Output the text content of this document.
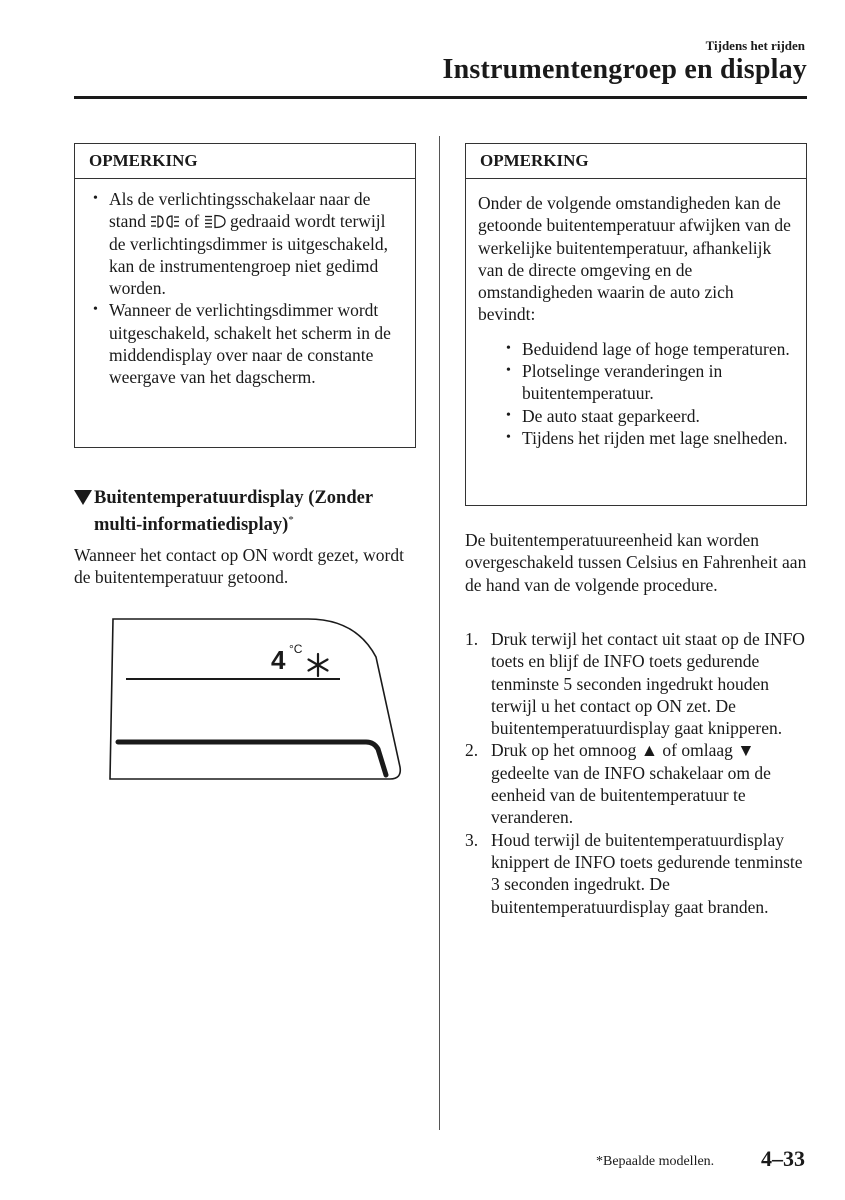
Tijdens het rijden
Instrumentengroep en display
OPMERKING
• Als de verlichtingsschakelaar naar de stand of gedraaid wordt terwijl de verlichtingsdimmer is uitgeschakeld, kan de instrumentengroep niet gedimd worden.
• Wanneer de verlichtingsdimmer wordt uitgeschakeld, schakelt het scherm in de middendisplay over naar de constante weergave van het dagscherm.
Buitentemperatuurdisplay (Zonder multi-informatiedisplay)*
Wanneer het contact op ON wordt gezet, wordt de buitentemperatuur getoond.
4 °C
OPMERKING
Onder de volgende omstandigheden kan de getoonde buitentemperatuur afwijken van de werkelijke buitentemperatuur, afhankelijk van de directe omgeving en de omstandigheden waarin de auto zich bevindt:
• Beduidend lage of hoge temperaturen.
• Plotselinge veranderingen in buitentemperatuur.
• De auto staat geparkeerd.
• Tijdens het rijden met lage snelheden.
De buitentemperatuureenheid kan worden overgeschakeld tussen Celsius en Fahrenheit aan de hand van de volgende procedure.
1. Druk terwijl het contact uit staat op de INFO toets en blijf de INFO toets gedurende tenminste 5 seconden ingedrukt houden terwijl u het contact op ON zet. De buitentemperatuurdisplay gaat knipperen.
2. Druk op het omnoog ▲ of omlaag ▼ gedeelte van de INFO schakelaar om de eenheid van de buitentemperatuur te veranderen.
3. Houd terwijl de buitentemperatuurdisplay knippert de INFO toets gedurende tenminste 3 seconden ingedrukt. De buitentemperatuurdisplay gaat branden.
*Bepaalde modellen. 4–33
